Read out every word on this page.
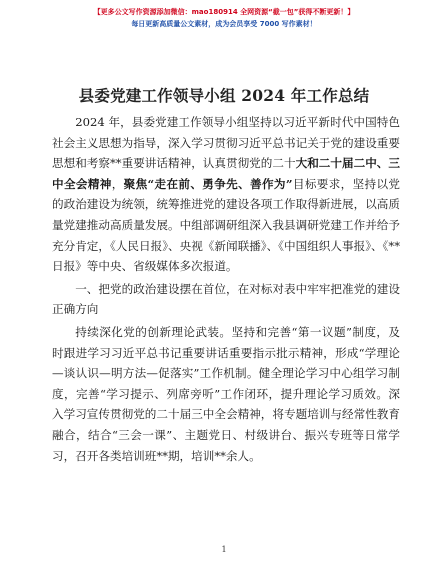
【更多公文写作资源添加微信：mao180914 全网资源“截一包”获得不断更新！】
每日更新高质量公文素材，成为会员享受 7000 写作素材！
县委党建工作领导小组 2024 年工作总结

2024 年，县委党建工作领导小组坚持以习近平新时代中国特色社会主义思想为指导，深入学习贯彻习近平总书记关于党的建设重要思想和考察**重要讲话精神，认真贯彻党的二十大和二十届二中、三中全会精神，聚焦“走在前、勇争先、善作为”目标要求，坚持以党的政治建设为统领，统筹推进党的建设各项工作取得新进展，以高质量党建推动高质量发展。中组部调研组深入我县调研党建工作并给予充分肯定，《人民日报》、央视《新闻联播》、《中国组织人事报》、《**日报》等中央、省级媒体多次报道。

一、把党的政治建设摆在首位，在对标对表中牢牢把准党的建设正确方向

持续深化党的创新理论武装。坚持和完善“第一议题”制度，及时跟进学习习近平总书记重要讲话重要指示批示精神，形成“学理论—谈认识—明方法—促落实”工作机制。健全理论学习中心组学习制度，完善“学习提示、列席旁听”工作闭环，提升理论学习质效。深入学习宣传贯彻党的二十届三中全会精神，将专题培训与经常性教育融合，结合“三会一课”、主题党日、村级讲台、振兴专班等日常学习，召开各类培训班**期，培训**余人。

1
